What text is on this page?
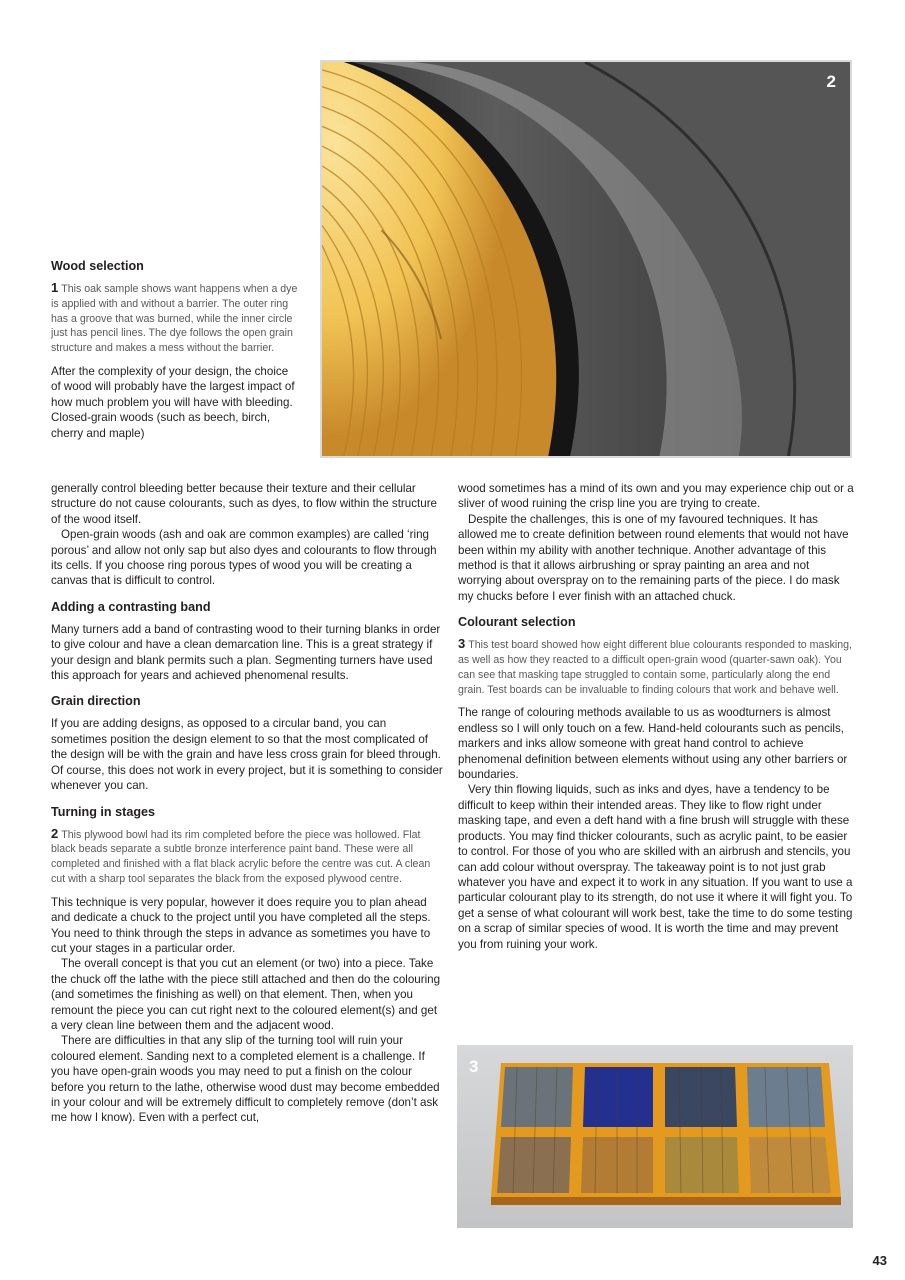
2
Wood selection

1 This oak sample shows want happens when a dye is applied with and without a barrier. The outer ring has a groove that was burned, while the inner circle just has pencil lines. The dye follows the open grain structure and makes a mess without the barrier.

After the complexity of your design, the choice of wood will probably have the largest impact of how much problem you will have with bleeding. Closed-grain woods (such as beech, birch, cherry and maple)

generally control bleeding better because their texture and their cellular structure do not cause colourants, such as dyes, to flow within the structure of the wood itself.

Open-grain woods (ash and oak are common examples) are called ‘ring porous’ and allow not only sap but also dyes and colourants to flow through its cells. If you choose ring porous types of wood you will be creating a canvas that is difficult to control.

Adding a contrasting band

Many turners add a band of contrasting wood to their turning blanks in order to give colour and have a clean demarcation line. This is a great strategy if your design and blank permits such a plan. Segmenting turners have used this approach for years and achieved phenomenal results.

Grain direction

If you are adding designs, as opposed to a circular band, you can sometimes position the design element to so that the most complicated of the design will be with the grain and have less cross grain for bleed through. Of course, this does not work in every project, but it is something to consider whenever you can.

Turning in stages

2 This plywood bowl had its rim completed before the piece was hollowed. Flat black beads separate a subtle bronze interference paint band. These were all completed and finished with a flat black acrylic before the centre was cut. A clean cut with a sharp tool separates the black from the exposed plywood centre.

This technique is very popular, however it does require you to plan ahead and dedicate a chuck to the project until you have completed all the steps. You need to think through the steps in advance as sometimes you have to cut your stages in a particular order.

The overall concept is that you cut an element (or two) into a piece. Take the chuck off the lathe with the piece still attached and then do the colouring (and sometimes the finishing as well) on that element. Then, when you remount the piece you can cut right next to the coloured element(s) and get a very clean line between them and the adjacent wood.

There are difficulties in that any slip of the turning tool will ruin your coloured element. Sanding next to a completed element is a challenge. If you have open-grain woods you may need to put a finish on the colour before you return to the lathe, otherwise wood dust may become embedded in your colour and will be extremely difficult to completely remove (don’t ask me how I know). Even with a perfect cut,

wood sometimes has a mind of its own and you may experience chip out or a sliver of wood ruining the crisp line you are trying to create.

Despite the challenges, this is one of my favoured techniques. It has allowed me to create definition between round elements that would not have been within my ability with another technique. Another advantage of this method is that it allows airbrushing or spray painting an area and not worrying about overspray on to the remaining parts of the piece. I do mask my chucks before I ever finish with an attached chuck.

Colourant selection

3 This test board showed how eight different blue colourants responded to masking, as well as how they reacted to a difficult open-grain wood (quarter-sawn oak). You can see that masking tape struggled to contain some, particularly along the end grain. Test boards can be invaluable to finding colours that work and behave well.

The range of colouring methods available to us as woodturners is almost endless so I will only touch on a few. Hand-held colourants such as pencils, markers and inks allow someone with great hand control to achieve phenomenal definition between elements without using any other barriers or boundaries.

Very thin flowing liquids, such as inks and dyes, have a tendency to be difficult to keep within their intended areas. They like to flow right under masking tape, and even a deft hand with a fine brush will struggle with these products. You may find thicker colourants, such as acrylic paint, to be easier to control. For those of you who are skilled with an airbrush and stencils, you can add colour without overspray. The takeaway point is to not just grab whatever you have and expect it to work in any situation. If you want to use a particular colourant play to its strength, do not use it where it will fight you. To get a sense of what colourant will work best, take the time to do some testing on a scrap of similar species of wood. It is worth the time and may prevent you from ruining your work.

3
43
